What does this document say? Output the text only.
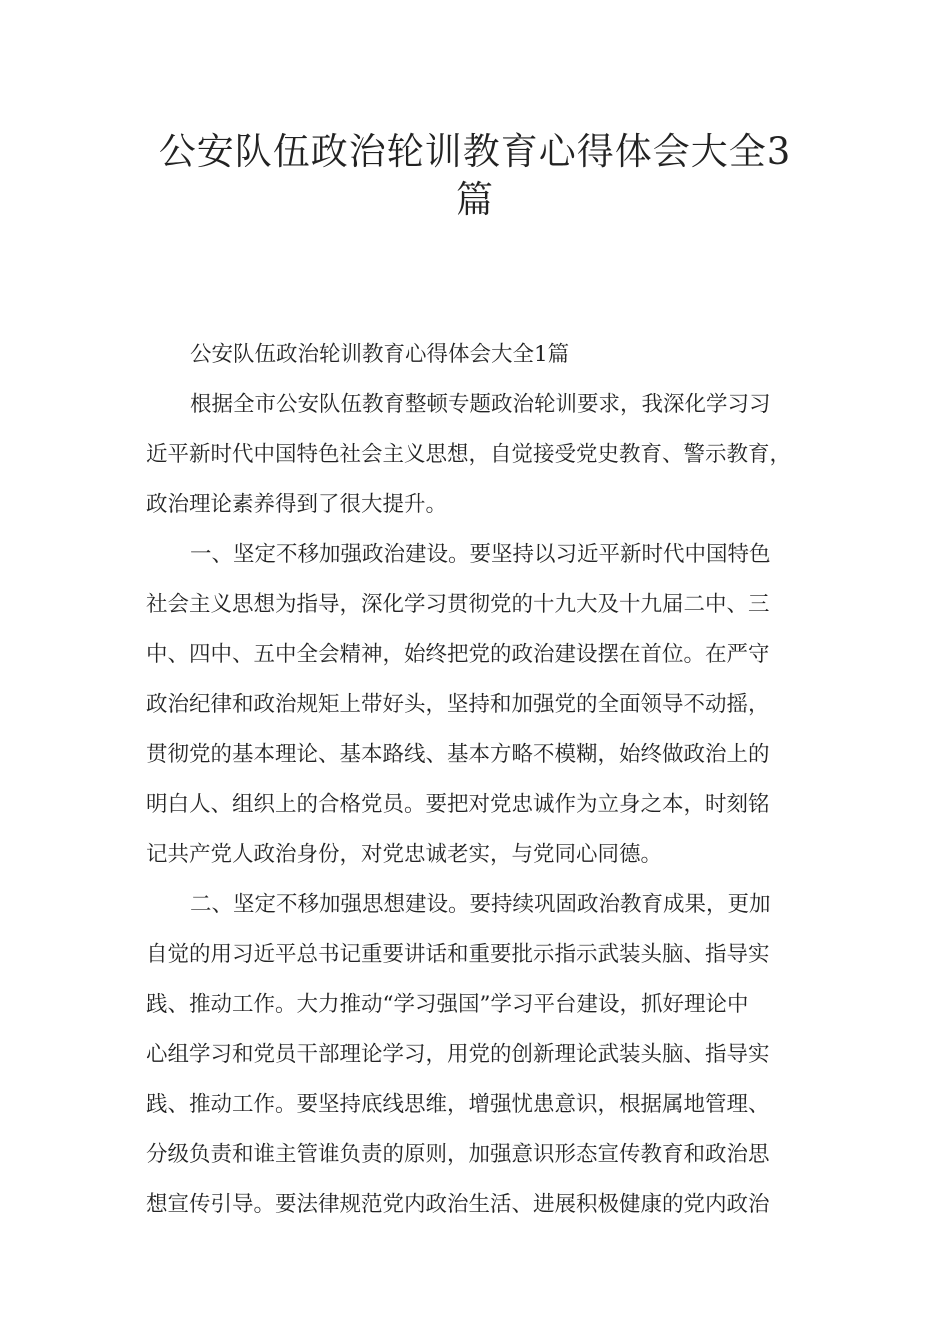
公安队伍政治轮训教育心得体会大全3
篇

公安队伍政治轮训教育心得体会大全1篇

根据全市公安队伍教育整顿专题政治轮训要求，我深化学习习
近平新时代中国特色社会主义思想，自觉接受党史教育、警示教育，
政治理论素养得到了很大提升。

一、坚定不移加强政治建设。要坚持以习近平新时代中国特色
社会主义思想为指导，深化学习贯彻党的十九大及十九届二中、三
中、四中、五中全会精神，始终把党的政治建设摆在首位。在严守
政治纪律和政治规矩上带好头，坚持和加强党的全面领导不动摇，
贯彻党的基本理论、基本路线、基本方略不模糊，始终做政治上的
明白人、组织上的合格党员。要把对党忠诚作为立身之本，时刻铭
记共产党人政治身份，对党忠诚老实，与党同心同德。

二、坚定不移加强思想建设。要持续巩固政治教育成果，更加
自觉的用习近平总书记重要讲话和重要批示指示武装头脑、指导实
践、推动工作。大力推动“学习强国”学习平台建设，抓好理论中
心组学习和党员干部理论学习，用党的创新理论武装头脑、指导实
践、推动工作。要坚持底线思维，增强忧患意识，根据属地管理、
分级负责和谁主管谁负责的原则，加强意识形态宣传教育和政治思
想宣传引导。要法律规范党内政治生活、进展积极健康的党内政治
